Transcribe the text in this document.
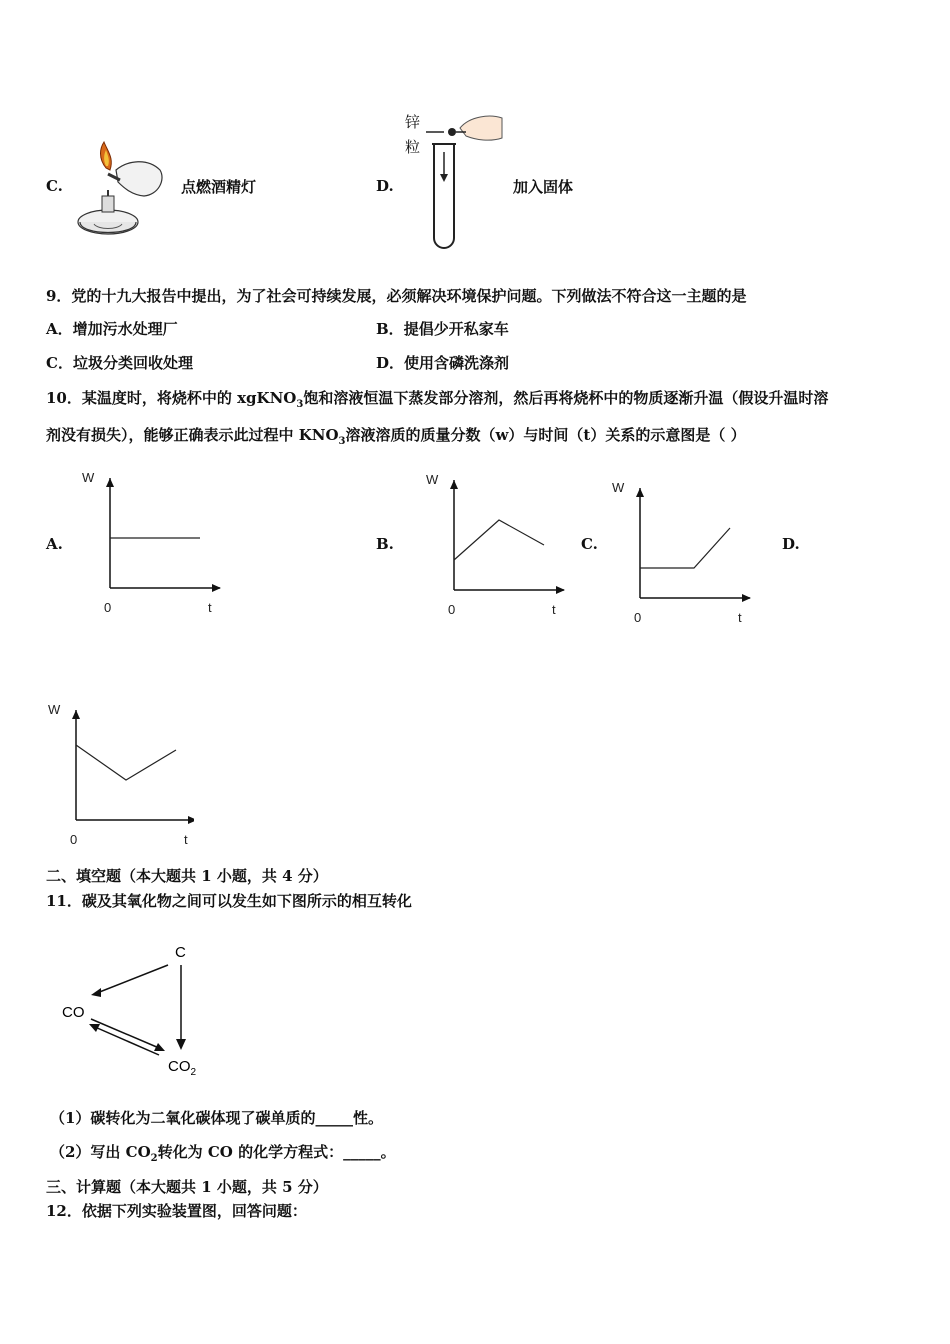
C.	点燃酒精灯	D.
锌
粒
加入固体
9．党的十九大报告中提出，为了社会可持续发展，必须解决环境保护问题。下列做法不符合这一主题的是
A．增加污水处理厂	B．提倡少开私家车
C．垃圾分类回收处理	D．使用含磷洗涤剂
10．某温度时，将烧杯中的 xgKNO$_3$饱和溶液恒温下蒸发部分溶剂，然后再将烧杯中的物质逐渐升温（假设升温时溶
剂没有损失），能够正确表示此过程中 $KNO_3$溶液溶质的质量分数（w）与时间（t）关系的示意图是（ ）
A.	B.	C.	D.
W
t
0
W
t
0
W
t
0
W
t
0
二、填空题（本大题共 1 小题，共 4 分）
11．碳及其氧化物之间可以发生如下图所示的相互转化
C
CO
$CO_2$
（1）碳转化为二氧化碳体现了碳单质的_____性。
（2）写出 $CO_2$转化为 CO 的化学方程式：_____。
三、计算题（本大题共 1 小题，共 5 分）
12．依据下列实验装置图，回答问题：
